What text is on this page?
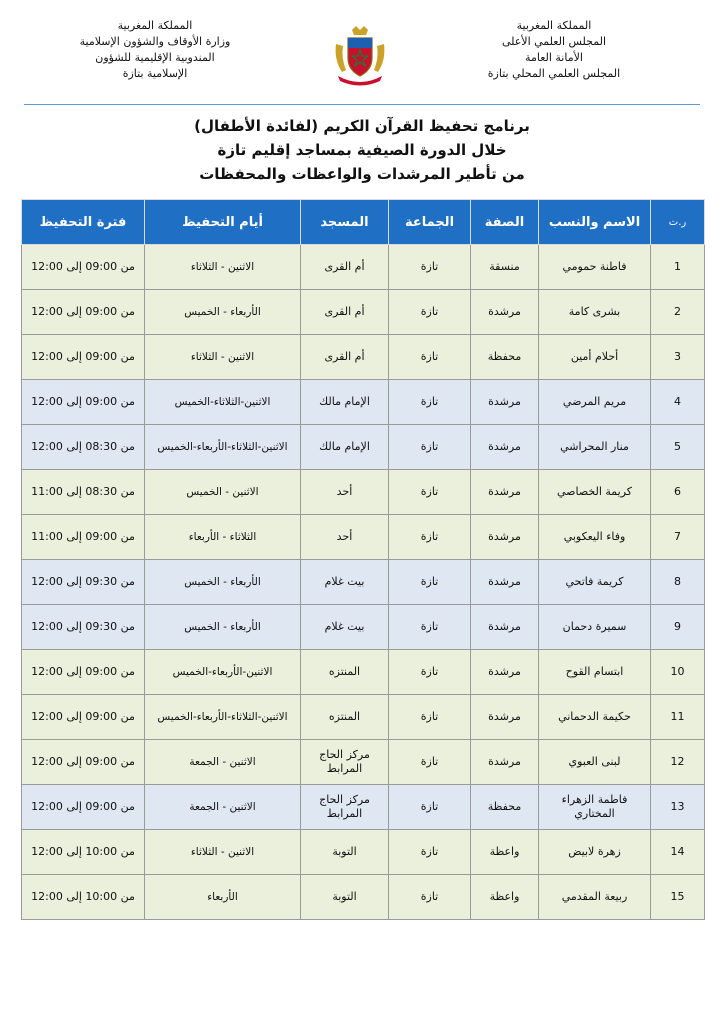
المملكة المغربية
المجلس العلمي الأعلى
الأمانة العامة
المجلس العلمي المحلي بتازة
المملكة المغربية
وزارة الأوقاف والشؤون الإسلامية
المندوبية الإقليمية للشؤون
الإسلامية بتازة
برنامج تحفيظ القرآن الكريم (لفائدة الأطفال)
خلال الدورة الصيفية بمساجد إقليم تازة
من تأطير المرشدات والواعظات والمحفظات
ر.ت	الاسم والنسب	الصفة	الجماعة	المسجد	أيام التحفيظ	فترة التحفيظ
1	فاطنة حمومي	منسقة	تازة	أم القرى	الاثنين - الثلاثاء	من 09:00 إلى 12:00
2	بشرى كامة	مرشدة	تازة	أم القرى	الأربعاء - الخميس	من 09:00 إلى 12:00
3	أحلام أمين	محفظة	تازة	أم القرى	الاثنين - الثلاثاء	من 09:00 إلى 12:00
4	مريم المرضي	مرشدة	تازة	الإمام مالك	الاثنين-الثلاثاء-الخميس	من 09:00 إلى 12:00
5	منار المحراشي	مرشدة	تازة	الإمام مالك	الاثنين-الثلاثاء-الأربعاء-الخميس	من 08:30 إلى 12:00
6	كريمة الخصاصي	مرشدة	تازة	أحد	الاثنين - الخميس	من 08:30 إلى 11:00
7	وفاء اليعكوبي	مرشدة	تازة	أحد	الثلاثاء - الأربعاء	من 09:00 إلى 11:00
8	كريمة فاتحي	مرشدة	تازة	بيت غلام	الأربعاء - الخميس	من 09:30 إلى 12:00
9	سميرة دحمان	مرشدة	تازة	بيت غلام	الأربعاء - الخميس	من 09:30 إلى 12:00
10	ابتسام القوح	مرشدة	تازة	المنتزه	الاثنين-الأربعاء-الخميس	من 09:00 إلى 12:00
11	حكيمة الدحماني	مرشدة	تازة	المنتزه	الاثنين-الثلاثاء-الأربعاء-الخميس	من 09:00 إلى 12:00
12	لبنى العبوي	مرشدة	تازة	مركز الحاج المرابط	الاثنين - الجمعة	من 09:00 إلى 12:00
13	فاطمة الزهراء المختاري	محفظة	تازة	مركز الحاج المرابط	الاثنين - الجمعة	من 09:00 إلى 12:00
14	زهرة لابيض	واعظة	تازة	التوبة	الاثنين - الثلاثاء	من 10:00 إلى 12:00
15	ربيعة المقدمي	واعظة	تازة	التوبة	الأربعاء	من 10:00 إلى 12:00
